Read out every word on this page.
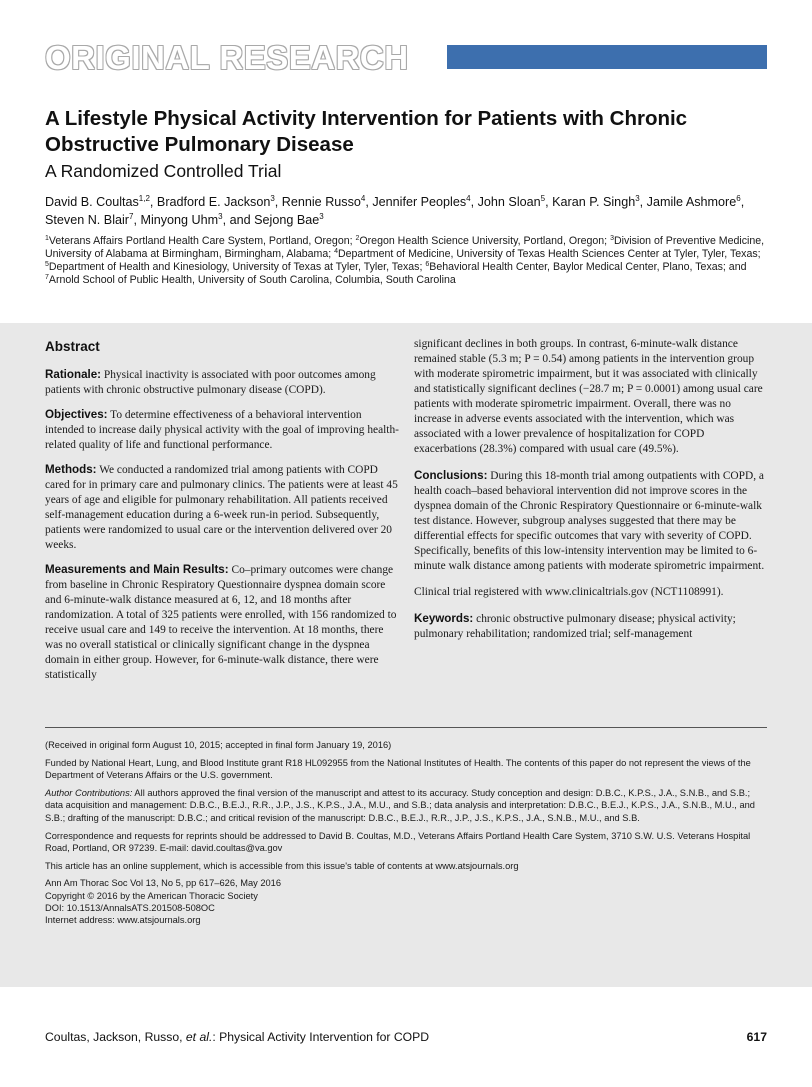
ORIGINAL RESEARCH
A Lifestyle Physical Activity Intervention for Patients with Chronic
Obstructive Pulmonary Disease
A Randomized Controlled Trial
David B. Coultas$^{1,2}$, Bradford E. Jackson$^3$, Rennie Russo$^4$, Jennifer Peoples$^4$, John Sloan$^5$, Karan P. Singh$^3$, Jamile Ashmore$^6$, Steven N. Blair$^7$, Minyong Uhm$^3$, and Sejong Bae$^3$
$^1$Veterans Affairs Portland Health Care System, Portland, Oregon; $^2$Oregon Health Science University, Portland, Oregon; $^3$Division of Preventive Medicine, University of Alabama at Birmingham, Birmingham, Alabama; $^4$Department of Medicine, University of Texas Health Sciences Center at Tyler, Tyler, Texas; $^5$Department of Health and Kinesiology, University of Texas at Tyler, Tyler, Texas; $^6$Behavioral Health Center, Baylor Medical Center, Plano, Texas; and $^7$Arnold School of Public Health, University of South Carolina, Columbia, South Carolina
Abstract

Rationale: Physical inactivity is associated with poor outcomes among patients with chronic obstructive pulmonary disease (COPD).

Objectives: To determine effectiveness of a behavioral intervention intended to increase daily physical activity with the goal of improving health-related quality of life and functional performance.

Methods: We conducted a randomized trial among patients with COPD cared for in primary care and pulmonary clinics. The patients were at least 45 years of age and eligible for pulmonary rehabilitation. All patients received self-management education during a 6-week run-in period. Subsequently, patients were randomized to usual care or the intervention delivered over 20 weeks.

Measurements and Main Results: Co–primary outcomes were change from baseline in Chronic Respiratory Questionnaire dyspnea domain score and 6-minute-walk distance measured at 6, 12, and 18 months after randomization. A total of 325 patients were enrolled, with 156 randomized to receive usual care and 149 to receive the intervention. At 18 months, there was no overall statistical or clinically significant change in the dyspnea domain in either group. However, for 6-minute-walk distance, there were statistically

significant declines in both groups. In contrast, 6-minute-walk distance remained stable (5.3 m; P = 0.54) among patients in the intervention group with moderate spirometric impairment, but it was associated with clinically and statistically significant declines (−28.7 m; P = 0.0001) among usual care patients with moderate spirometric impairment. Overall, there was no increase in adverse events associated with the intervention, which was associated with a lower prevalence of hospitalization for COPD exacerbations (28.3%) compared with usual care (49.5%).

Conclusions: During this 18-month trial among outpatients with COPD, a health coach–based behavioral intervention did not improve scores in the dyspnea domain of the Chronic Respiratory Questionnaire or 6-minute-walk test distance. However, subgroup analyses suggested that there may be differential effects for specific outcomes that vary with severity of COPD. Specifically, benefits of this low-intensity intervention may be limited to 6-minute walk distance among patients with moderate spirometric impairment.

Clinical trial registered with www.clinicaltrials.gov (NCT1108991).

Keywords: chronic obstructive pulmonary disease; physical activity; pulmonary rehabilitation; randomized trial; self-management

(Received in original form August 10, 2015; accepted in final form January 19, 2016)

Funded by National Heart, Lung, and Blood Institute grant R18 HL092955 from the National Institutes of Health. The contents of this paper do not represent the views of the Department of Veterans Affairs or the U.S. government.

Author Contributions: All authors approved the final version of the manuscript and attest to its accuracy. Study conception and design: D.B.C., K.P.S., J.A., S.N.B., and S.B.; data acquisition and management: D.B.C., B.E.J., R.R., J.P., J.S., K.P.S., J.A., M.U., and S.B.; data analysis and interpretation: D.B.C., B.E.J., K.P.S., J.A., S.N.B., M.U., and S.B.; drafting of the manuscript: D.B.C.; and critical revision of the manuscript: D.B.C., B.E.J., R.R., J.P., J.S., K.P.S., J.A., S.N.B., M.U., and S.B.

Correspondence and requests for reprints should be addressed to David B. Coultas, M.D., Veterans Affairs Portland Health Care System, 3710 S.W. U.S. Veterans Hospital Road, Portland, OR 97239. E-mail: david.coultas@va.gov

This article has an online supplement, which is accessible from this issue's table of contents at www.atsjournals.org

Ann Am Thorac Soc Vol 13, No 5, pp 617–626, May 2016
Copyright © 2016 by the American Thoracic Society
DOI: 10.1513/AnnalsATS.201508-508OC
Internet address: www.atsjournals.org
Coultas, Jackson, Russo, et al.: Physical Activity Intervention for COPD	617
